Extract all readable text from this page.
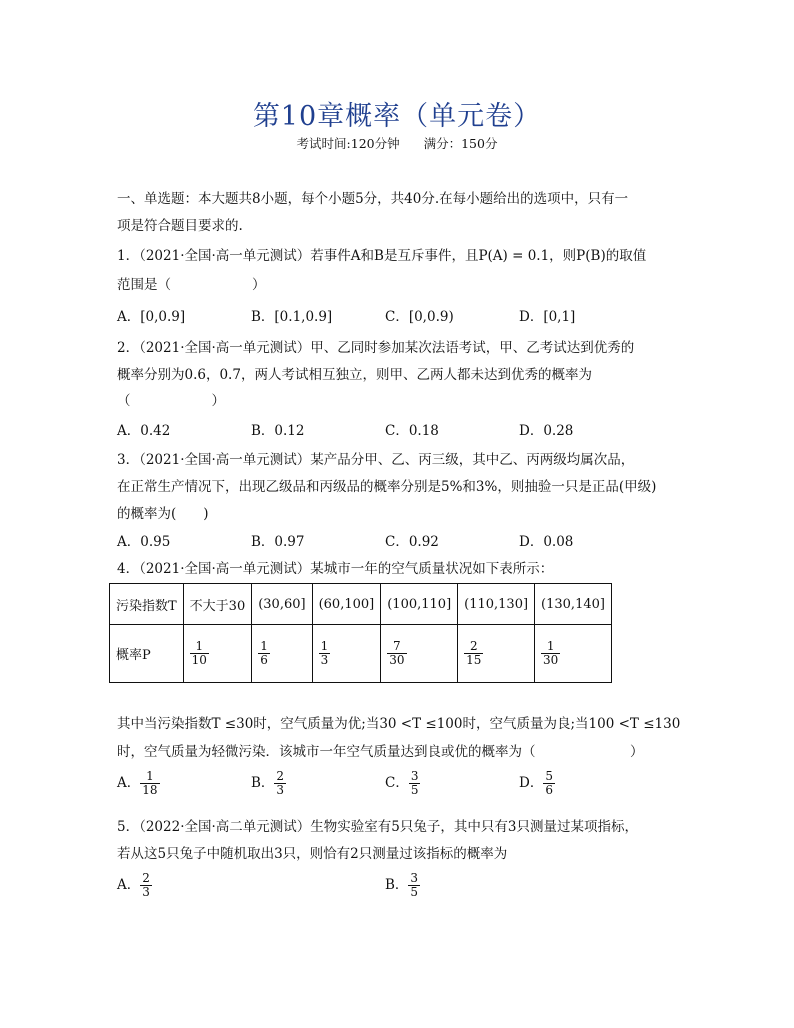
第10章概率（单元卷）
考试时间:120分钟 满分：150分
一、单选题：本大题共8小题，每个小题5分，共40分.在每小题给出的选项中，只有一
项是符合题目要求的.
1．（2021·全国·高一单元测试）若事件A和B是互斥事件，且P(A) = 0.1，则P(B)的取值
范围是（　　　　　　）
A．[0,0.9]	B．[0.1,0.9]	C．[0,0.9)	D．[0,1]
2．（2021·全国·高一单元测试）甲、乙同时参加某次法语考试，甲、乙考试达到优秀的
概率分别为0.6，0.7，两人考试相互独立，则甲、乙两人都未达到优秀的概率为
（　　　　　　）
A．0.42	B．0.12	C．0.18	D．0.28
3．（2021·全国·高一单元测试）某产品分甲、乙、丙三级，其中乙、丙两级均属次品，
在正常生产情况下，出现乙级品和丙级品的概率分别是5%和3%，则抽验一只是正品(甲级)
的概率为(　　)
A．0.95	B．0.97	C．0.92	D．0.08
4．（2021·全国·高一单元测试）某城市一年的空气质量状况如下表所示：
污染指数T	不大于30	(30,60]	(60,100]	(100,110]	(110,130]	(130,140]
概率P	$\frac{1}{10}$	$\frac{1}{6}$	$\frac{1}{3}$	$\frac{7}{30}$	$\frac{2}{15}$	$\frac{1}{30}$
其中当污染指数T ≤30时，空气质量为优;当30 <T ≤100时，空气质量为良;当100 <T ≤130
时，空气质量为轻微污染．该城市一年空气质量达到良或优的概率为（　　　　　　　）
A． $\frac{1}{18}$	B． $\frac{2}{3}$	C． $\frac{3}{5}$	D． $\frac{5}{6}$
5．（2022·全国·高二单元测试）生物实验室有5只兔子，其中只有3只测量过某项指标，
若从这5只兔子中随机取出3只，则恰有2只测量过该指标的概率为
A． $\frac{2}{3}$	B． $\frac{3}{5}$
